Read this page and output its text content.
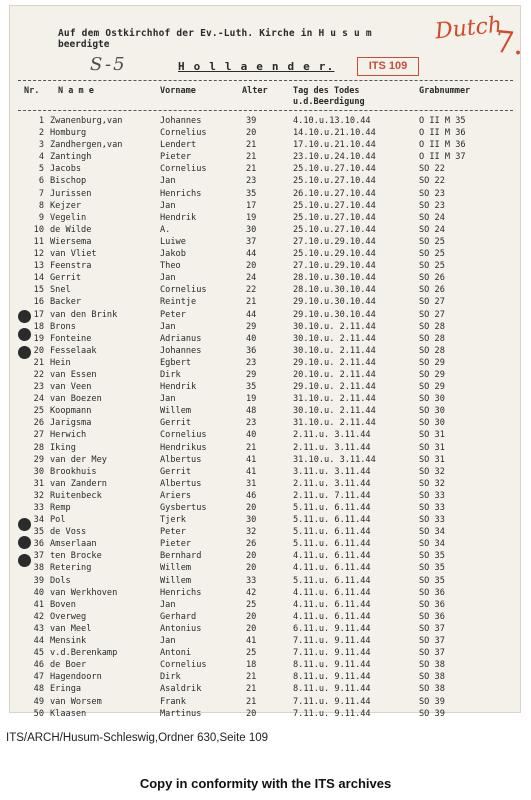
Dutch
7.
Auf dem Ostkirchhof der Ev.-Luth. Kirche in H u s u m
beerdigte
S-5	H o l l a e n d e r.	ITS 109
Nr. N a m e	Vorname	Alter	Tag des Todes
u.d.Beerdigung
Grabnummer
1 Zwanenburg,van	Johannes	39	4.10.u.13.10.44	O II M 35
2 Homburg	Cornelius	20	14.10.u.21.10.44	O II M 36
3 Zandhergen,van	Lendert	21	17.10.u.21.10.44	O II M 36
4 Zantingh	Pieter	21	23.10.u.24.10.44	O II M 37
5 Jacobs	Cornelius	21	25.10.u.27.10.44	SO 22
6 Bischop	Jan	23	25.10.u.27.10.44	SO 22
7 Jurissen	Henrichs	35	26.10.u.27.10.44	SO 23
8 Kejzer	Jan	17	25.10.u.27.10.44	SO 23
9 Vegelin	Hendrik	19	25.10.u.27.10.44	SO 24
10 de Wilde	A.	30	25.10.u.27.10.44	SO 24
11 Wiersema	Luiwe	37	27.10.u.29.10.44	SO 25
12 van Vliet	Jakob	44	25.10.u.29.10.44	SO 25
13 Feenstra	Theo	20	27.10.u.29.10.44	SO 25
14 Gerrit	Jan	24	28.10.u.30.10.44	SO 26
15 Snel	Cornelius	22	28.10.u.30.10.44	SO 26
16 Backer	Reintje	21	29.10.u.30.10.44	SO 27
17 van den Brink	Peter	44	29.10.u.30.10.44	SO 27
18 Brons	Jan	29	30.10.u. 2.11.44	SO 28
19 Fonteine	Adrianus	40	30.10.u. 2.11.44	SO 28
20 Fesselaak	Johannes	36	30.10.u. 2.11.44	SO 28
21 Hein	Egbert	23	29.10.u. 2.11.44	SO 29
22 van Essen	Dirk	29	20.10.u. 2.11.44	SO 29
23 van Veen	Hendrik	35	29.10.u. 2.11.44	SO 29
24 van Boezen	Jan	19	31.10.u. 2.11.44	SO 30
25 Koopmann	Willem	48	30.10.u. 2.11.44	SO 30
26 Jarigsma	Gerrit	23	31.10.u. 2.11.44	SO 30
27 Herwich	Cornelius	40	2.11.u. 3.11.44	SO 31
28 Iking	Hendrikus	21	2.11.u. 3.11.44	SO 31
29 van der Mey	Albertus	41	31.10.u. 3.11.44	SO 31
30 Brookhuis	Gerrit	41	3.11.u. 3.11.44	SO 32
31 van Zandern	Albertus	31	2.11.u. 3.11.44	SO 32
32 Ruitenbeck	Ariers	46	2.11.u. 7.11.44	SO 33
33 Remp	Gysbertus	20	5.11.u. 6.11.44	SO 33
34 Pol	Tjerk	30	5.11.u. 6.11.44	SO 33
35 de Voss	Peter	32	5.11.u. 6.11.44	SO 34
36 Amserlaan	Pieter	26	5.11.u. 6.11.44	SO 34
37 ten Brocke	Bernhard	20	4.11.u. 6.11.44	SO 35
38 Retering	Willem	20	4.11.u. 6.11.44	SO 35
39 Dols	Willem	33	5.11.u. 6.11.44	SO 35
40 van Werkhoven	Henrichs	42	4.11.u. 6.11.44	SO 36
41 Boven	Jan	25	4.11.u. 6.11.44	SO 36
42 Overweg	Gerhard	20	4.11.u. 6.11.44	SO 36
43 van Meel	Antonius	20	6.11.u. 9.11.44	SO 37
44 Mensink	Jan	41	7.11.u. 9.11.44	SO 37
45 v.d.Berenkamp	Antoni	25	7.11.u. 9.11.44	SO 37
46 de Boer	Cornelius	18	8.11.u. 9.11.44	SO 38
47 Hagendoorn	Dirk	21	8.11.u. 9.11.44	SO 38
48 Eringa	Asaldrik	21	8.11.u. 9.11.44	SO 38
49 van Worsem	Frank	21	7.11.u. 9.11.44	SO 39
50 Klaasen	Martinus	20	7.11.u. 9.11.44	SO 39
ITS/ARCH/Husum-Schleswig,Ordner 630,Seite 109
Copy in conformity with the ITS archives
